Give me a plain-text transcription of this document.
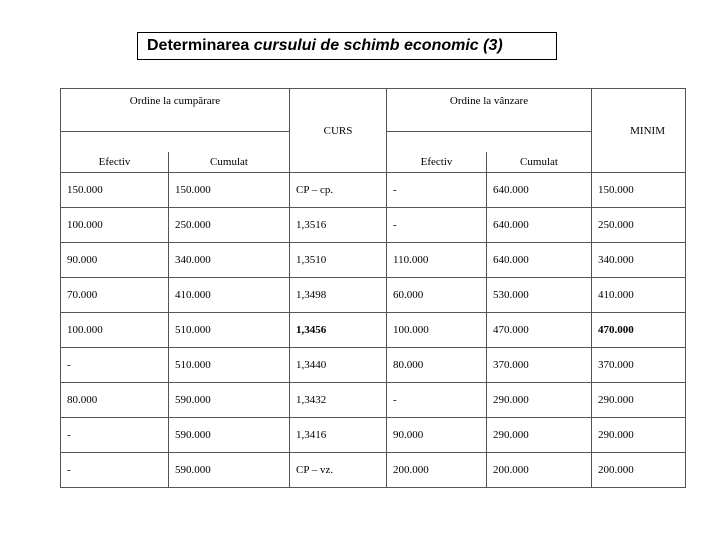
Determinarea
cursului de schimb economic (3)
Ordine la cumpărare		CURS	Ordine la vânzare		MINIM

Efectiv	Cumulat		Efectiv	Cumulat	
150.000	150.000	CP – cp.	-	640.000	150.000
100.000	250.000	1,3516	-	640.000	250.000
90.000	340.000	1,3510	110.000	640.000	340.000
70.000	410.000	1,3498	60.000	530.000	410.000
100.000	510.000	1,3456	100.000	470.000	470.000
-	510.000	1,3440	80.000	370.000	370.000
80.000	590.000	1,3432	-	290.000	290.000
-	590.000	1,3416	90.000	290.000	290.000
-	590.000	CP – vz.	200.000	200.000	200.000
